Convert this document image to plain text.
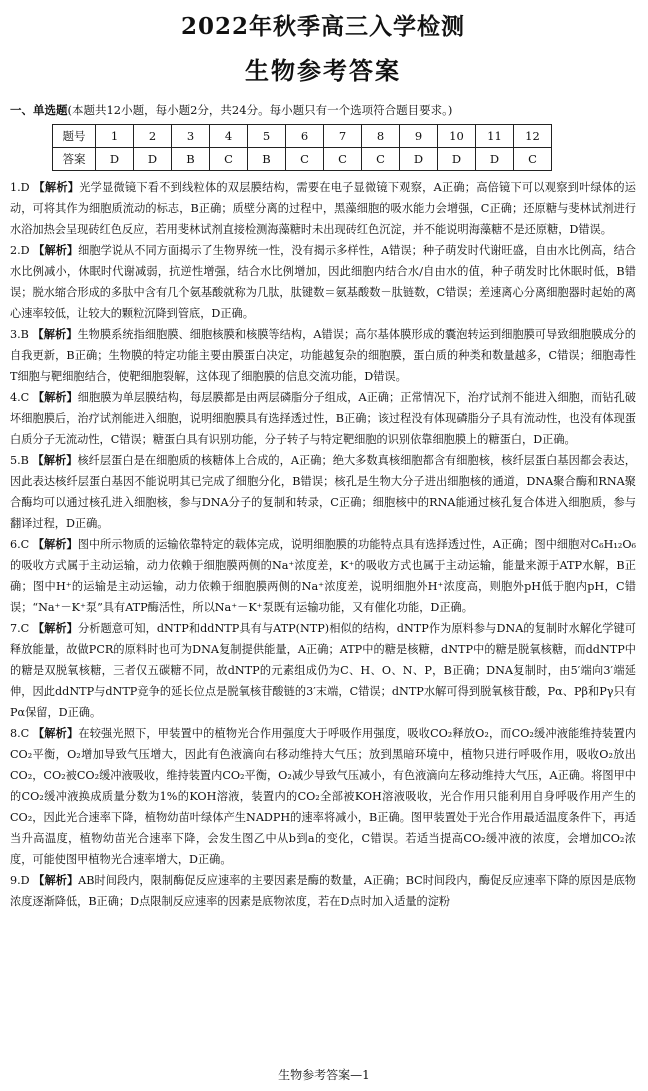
2022年秋季高三入学检测
生物参考答案
一、单选题(本题共12小题，每小题2分，共24分。每小题只有一个选项符合题目要求。)
题号	1	2	3	4	5	6	7	8	9	10	11	12
答案	D	D	B	C	B	C	C	C	D	D	D	C

1.D 【解析】光学显微镜下看不到线粒体的双层膜结构，需要在电子显微镜下观察，A正确；高倍镜下可以观察到叶绿体的运动，可将其作为细胞质流动的标志，B正确；质壁分离的过程中，黑藻细胞的吸水能力会增强，C正确；还原糖与斐林试剂进行水浴加热会呈现砖红色反应，若用斐林试剂直接检测海藻糖时未出现砖红色沉淀，并不能说明海藻糖不是还原糖，D错误。

2.D 【解析】细胞学说从不同方面揭示了生物界统一性，没有揭示多样性，A错误；种子萌发时代谢旺盛，自由水比例高，结合水比例减小，休眠时代谢减弱，抗逆性增强，结合水比例增加，因此细胞内结合水/自由水的值，种子萌发时比休眠时低，B错误；脱水缩合形成的多肽中含有几个氨基酸就称为几肽，肽键数＝氨基酸数－肽链数，C错误；差速离心分离细胞器时起始的离心速率较低，让较大的颗粒沉降到管底，D正确。

3.B 【解析】生物膜系统指细胞膜、细胞核膜和核膜等结构，A错误；高尔基体膜形成的囊泡转运到细胞膜可导致细胞膜成分的自我更新，B正确；生物膜的特定功能主要由膜蛋白决定，功能越复杂的细胞膜，蛋白质的种类和数量越多，C错误；细胞毒性T细胞与靶细胞结合，使靶细胞裂解，这体现了细胞膜的信息交流功能，D错误。

4.C 【解析】细胞膜为单层膜结构，每层膜都是由两层磷脂分子组成，A正确；正常情况下，治疗试剂不能进入细胞，而钻孔破坏细胞膜后，治疗试剂能进入细胞，说明细胞膜具有选择透过性，B正确；该过程没有体现磷脂分子具有流动性，也没有体现蛋白质分子无流动性，C错误；糖蛋白具有识别功能，分子转子与特定靶细胞的识别依靠细胞膜上的糖蛋白，D正确。

5.B 【解析】核纤层蛋白是在细胞质的核糖体上合成的，A正确；绝大多数真核细胞都含有细胞核，核纤层蛋白基因都会表达，因此表达核纤层蛋白基因不能说明其已完成了细胞分化，B错误；核孔是生物大分子进出细胞核的通道，DNA聚合酶和RNA聚合酶均可以通过核孔进入细胞核，参与DNA分子的复制和转录，C正确；细胞核中的RNA能通过核孔复合体进入细胞质，参与翻译过程，D正确。

6.C 【解析】图中所示物质的运输依靠特定的载体完成，说明细胞膜的功能特点具有选择透过性，A正确；图中细胞对C₆H₁₂O₆的吸收方式属于主动运输，动力依赖于细胞膜两侧的Na⁺浓度差，K⁺的吸收方式也属于主动运输，能量来源于ATP水解，B正确；图中H⁺的运输是主动运输，动力依赖于细胞膜两侧的Na⁺浓度差，说明细胞外H⁺浓度高，则胞外pH低于胞内pH，C错误；“Na⁺－K⁺泵”具有ATP酶活性，所以Na⁺－K⁺泵既有运输功能，又有催化功能，D正确。

7.C 【解析】分析题意可知，dNTP和ddNTP具有与ATP(NTP)相似的结构，dNTP作为原料参与DNA的复制时水解化学键可释放能量，故做PCR的原料时也可为DNA复制提供能量，A正确；ATP中的糖是核糖，dNTP中的糖是脱氧核糖，而ddNTP中的糖是双脱氧核糖，三者仅五碳糖不同，故dNTP的元素组成仍为C、H、O、N、P，B正确；DNA复制时，由5′端向3′端延伸，因此ddNTP与dNTP竞争的延长位点是脱氧核苷酸链的3′末端，C错误；dNTP水解可得到脱氧核苷酸，Pα、Pβ和Pγ只有Pα保留，D正确。

8.C 【解析】在较强光照下，甲装置中的植物光合作用强度大于呼吸作用强度，吸收CO₂释放O₂，而CO₂缓冲液能维持装置内CO₂平衡，O₂增加导致气压增大，因此有色液滴向右移动维持大气压；放到黑暗环境中，植物只进行呼吸作用，吸收O₂放出CO₂，CO₂被CO₂缓冲液吸收，维持装置内CO₂平衡，O₂减少导致气压减小，有色液滴向左移动维持大气压，A正确。将图甲中的CO₂缓冲液换成质量分数为1%的KOH溶液，装置内的CO₂全部被KOH溶液吸收，光合作用只能利用自身呼吸作用产生的CO₂，因此光合速率下降，植物幼苗叶绿体产生NADPH的速率将减小，B正确。图甲装置处于光合作用最适温度条件下，再适当升高温度，植物幼苗光合速率下降，会发生图乙中从b到a的变化，C错误。若适当提高CO₂缓冲液的浓度，会增加CO₂浓度，可能使图甲植物光合速率增大，D正确。

9.D 【解析】AB时间段内，限制酶促反应速率的主要因素是酶的数量，A正确；BC时间段内，酶促反应速率下降的原因是底物浓度逐渐降低，B正确；D点限制反应速率的因素是底物浓度，若在D点时加入适量的淀粉

生物参考答案—1
